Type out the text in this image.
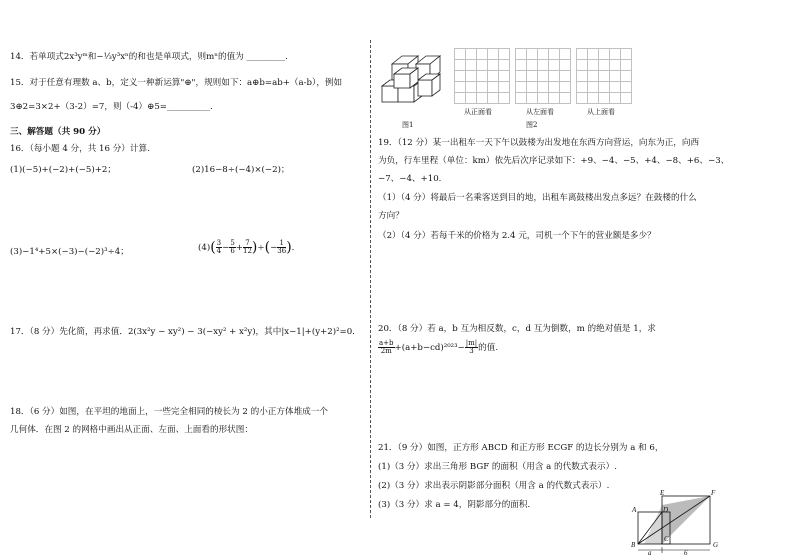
14．若单项式2x³yᵐ和−⅓y³xⁿ的和也是单项式，则mⁿ的值为 _________.
15．对于任意有理数 a、b，定义一种新运算"⊕"，规则如下：a⊕b=ab+（a-b），例如
3⊕2=3×2+（3-2）=7，则（-4）⊕5=__________.
三、解答题（共 90 分）
16．（每小题 4 分，共 16 分）计算.
(1)(−5)+(−2)+(−5)+2；	(2)16−8÷(−4)×(−2)；
(3)−1⁴+5×(−3)−(−2)³÷4；	$(4)( \frac{3}{4} - \frac{5}{6} + \frac{7}{12}$ )÷(− $\frac{1}{36}$ ).
17．（8 分）先化简，再求值．2(3x²y − xy²) − 3(−xy² + x²y)，其中|x−1|+(y+2)²=0．
18．（6 分）如图，在平坦的地面上，一些完全相同的棱长为 2 的小正方体堆成一个
几何体．在图 2 的网格中画出从正面、左面、上面看的形状图：
图1
从正面看	从左面看	从上面看
图2
19．（12 分）某一出租车一天下午以鼓楼为出发地在东西方向营运，向东为正，向西
为负，行车里程（单位：km）依先后次序记录如下：+9、−4、−5、+4、−8、+6、−3、
−7、−4、+10.
（1）（4 分）将最后一名乘客送到目的地，出租车离鼓楼出发点多远？在鼓楼的什么
方向？
（2）（4 分）若每千米的价格为 2.4 元，司机一个下午的营业额是多少？
20．（8 分）若 a，b 互为相反数，c，d 互为倒数，m 的绝对值是 1，求
$\frac{a+b}{2m} +(a+b-cd)^{2023}- \frac{|m|}{3}$ 的值.
21．（9 分）如图，正方形 ABCD 和正方形 ECGF 的边长分别为 a 和 6，
(1)（3 分）求出三角形 BGF 的面积（用含 a 的代数式表示）.
(2)（3 分）求出表示阴影部分面积（用含 a 的代数式表示）.
(3)（3 分）求 a = 4，阴影部分的面积．	A
B
C
D
E	F
G
a	6
